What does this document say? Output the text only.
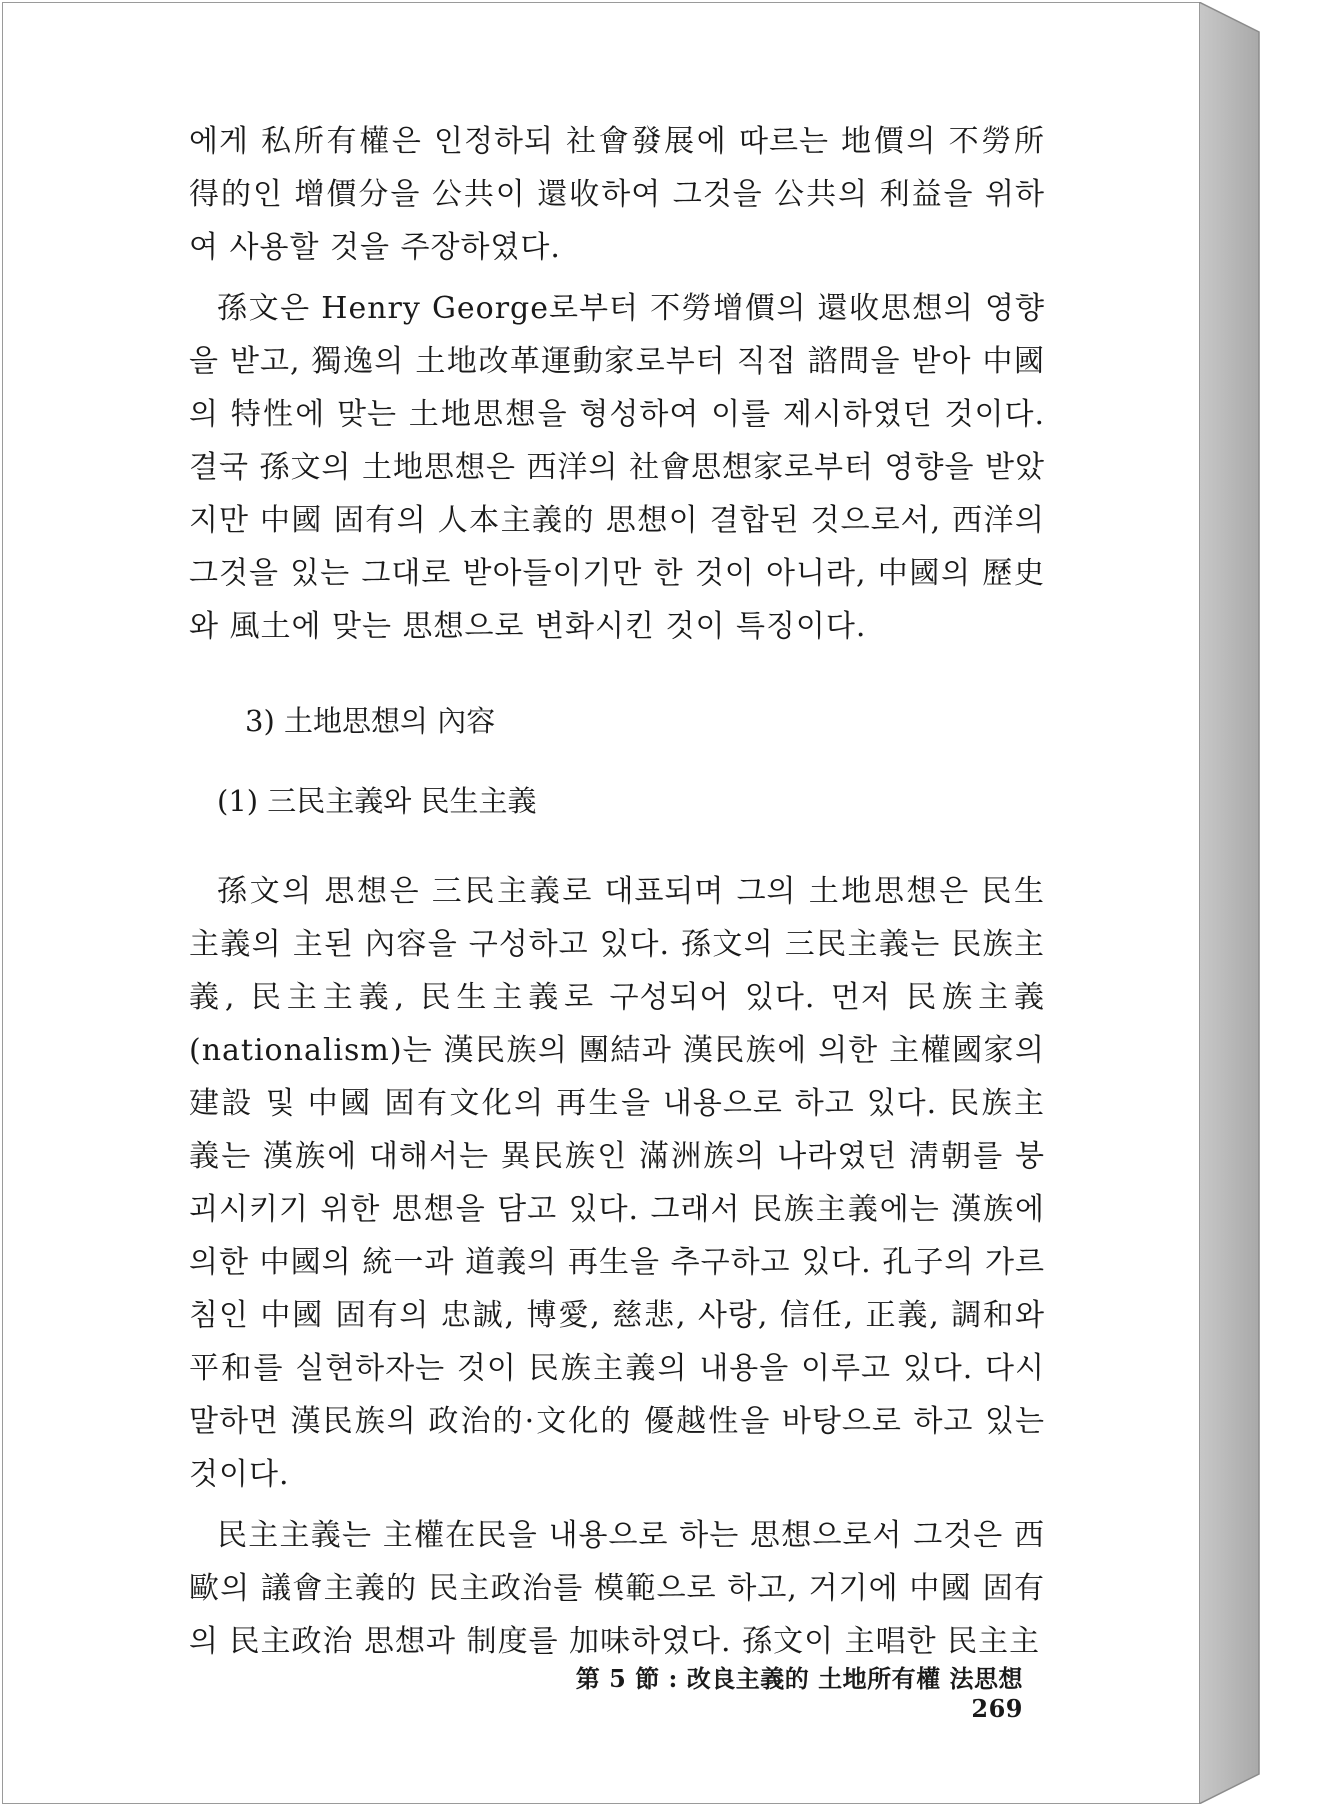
에게 私所有權은 인정하되 社會發展에 따르는 地價의 不勞所得的인 增價分을 公共이 還收하여 그것을 公共의 利益을 위하여 사용할 것을 주장하였다.

孫文은 Henry George로부터 不勞增價의 還收思想의 영향을 받고, 獨逸의 土地改革運動家로부터 직접 諮問을 받아 中國의 特性에 맞는 土地思想을 형성하여 이를 제시하였던 것이다. 결국 孫文의 土地思想은 西洋의 社會思想家로부터 영향을 받았지만 中國 固有의 人本主義的 思想이 결합된 것으로서, 西洋의 그것을 있는 그대로 받아들이기만 한 것이 아니라, 中國의 歷史와 風土에 맞는 思想으로 변화시킨 것이 특징이다.

3) 土地思想의 內容

(1) 三民主義와 民生主義

孫文의 思想은 三民主義로 대표되며 그의 土地思想은 民生主義의 主된 內容을 구성하고 있다. 孫文의 三民主義는 民族主義, 民主主義, 民生主義로 구성되어 있다. 먼저 民族主義(nationalism)는 漢民族의 團結과 漢民族에 의한 主權國家의 建設 및 中國 固有文化의 再生을 내용으로 하고 있다. 民族主義는 漢族에 대해서는 異民族인 滿洲族의 나라였던 淸朝를 붕괴시키기 위한 思想을 담고 있다. 그래서 民族主義에는 漢族에 의한 中國의 統一과 道義의 再生을 추구하고 있다. 孔子의 가르침인 中國 固有의 忠誠, 博愛, 慈悲, 사랑, 信任, 正義, 調和와 平和를 실현하자는 것이 民族主義의 내용을 이루고 있다. 다시 말하면 漢民族의 政治的·文化的 優越性을 바탕으로 하고 있는 것이다.

民主主義는 主權在民을 내용으로 하는 思想으로서 그것은 西歐의 議會主義的 民主政治를 模範으로 하고, 거기에 中國 固有의 民主政治 思想과 制度를 加味하였다. 孫文이 主唱한 民主主

第 5 節 : 改良主義的 土地所有權 法思想269
